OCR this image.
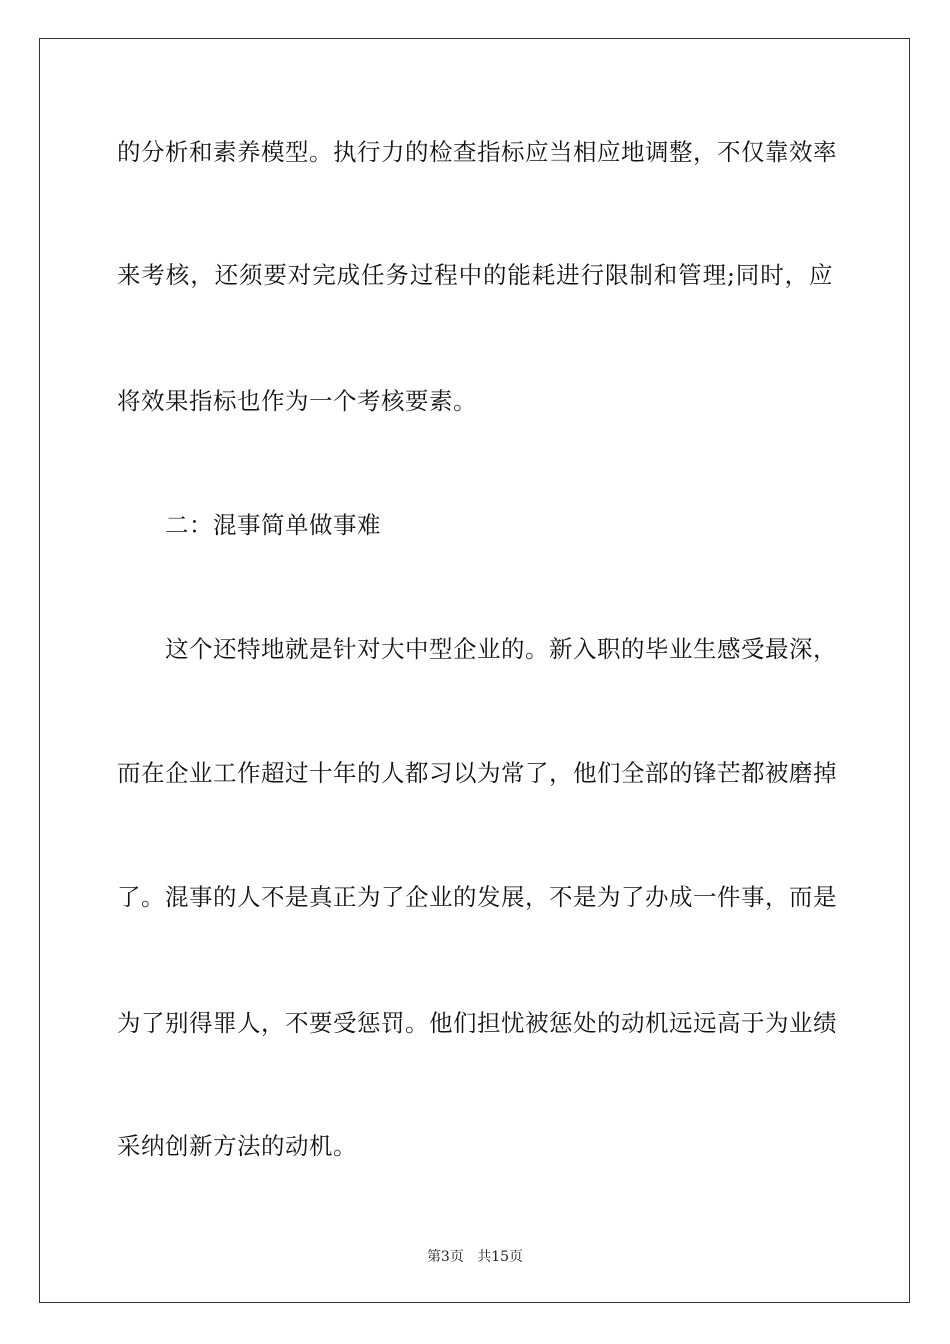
的分析和素养模型。执行力的检查指标应当相应地调整，不仅靠效率
来考核，还须要对完成任务过程中的能耗进行限制和管理;同时，应
将效果指标也作为一个考核要素。
二：混事简单做事难
这个还特地就是针对大中型企业的。新入职的毕业生感受最深，
而在企业工作超过十年的人都习以为常了，他们全部的锋芒都被磨掉
了。混事的人不是真正为了企业的发展，不是为了办成一件事，而是
为了别得罪人，不要受惩罚。他们担忧被惩处的动机远远高于为业绩
采纳创新方法的动机。
第3页 共15页
